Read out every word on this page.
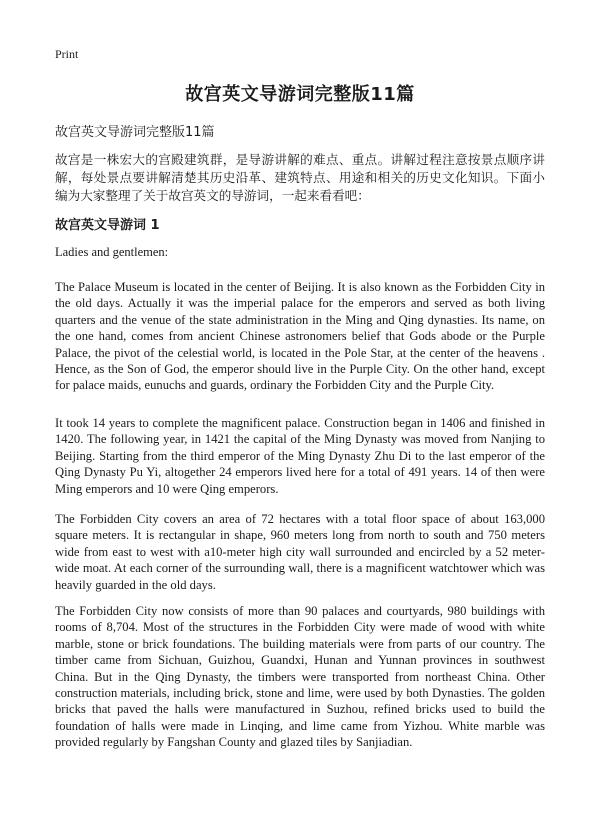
Print
故宫英文导游词完整版11篇
故宫英文导游词完整版11篇

故宫是一株宏大的宫殿建筑群，是导游讲解的难点、重点。讲解过程注意按景点顺序讲解，每处景点要讲解清楚其历史沿革、建筑特点、用途和相关的历史文化知识。下面小编为大家整理了关于故宫英文的导游词，一起来看看吧：

故宫英文导游词 1
Ladies and gentlemen:

The Palace Museum is located in the center of Beijing. It is also known as the Forbidden City in the old days. Actually it was the imperial palace for the emperors and served as both living quarters and the venue of the state administration in the Ming and Qing dynasties. Its name, on the one hand, comes from ancient Chinese astronomers belief that Gods abode or the Purple Palace, the pivot of the celestial world, is located in the Pole Star, at the center of the heavens . Hence, as the Son of God, the emperor should live in the Purple City. On the other hand, except for palace maids, eunuchs and guards, ordinary the Forbidden City and the Purple City.

It took 14 years to complete the magnificent palace. Construction began in 1406 and finished in 1420. The following year, in 1421 the capital of the Ming Dynasty was moved from Nanjing to Beijing. Starting from the third emperor of the Ming Dynasty Zhu Di to the last emperor of the Qing Dynasty Pu Yi, altogether 24 emperors lived here for a total of 491 years. 14 of then were Ming emperors and 10 were Qing emperors.

The Forbidden City covers an area of 72 hectares with a total floor space of about 163,000 square meters. It is rectangular in shape, 960 meters long from north to south and 750 meters wide from east to west with a10-meter high city wall surrounded and encircled by a 52 meter-wide moat. At each corner of the surrounding wall, there is a magnificent watchtower which was heavily guarded in the old days.

The Forbidden City now consists of more than 90 palaces and courtyards, 980 buildings with rooms of 8,704. Most of the structures in the Forbidden City were made of wood with white marble, stone or brick foundations. The building materials were from parts of our country. The timber came from Sichuan, Guizhou, Guandxi, Hunan and Yunnan provinces in southwest China. But in the Qing Dynasty, the timbers were transported from northeast China. Other construction materials, including brick, stone and lime, were used by both Dynasties. The golden bricks that paved the halls were manufactured in Suzhou, refined bricks used to build the foundation of halls were made in Linqing, and lime came from Yizhou. White marble was provided regularly by Fangshan County and glazed tiles by Sanjiadian.
